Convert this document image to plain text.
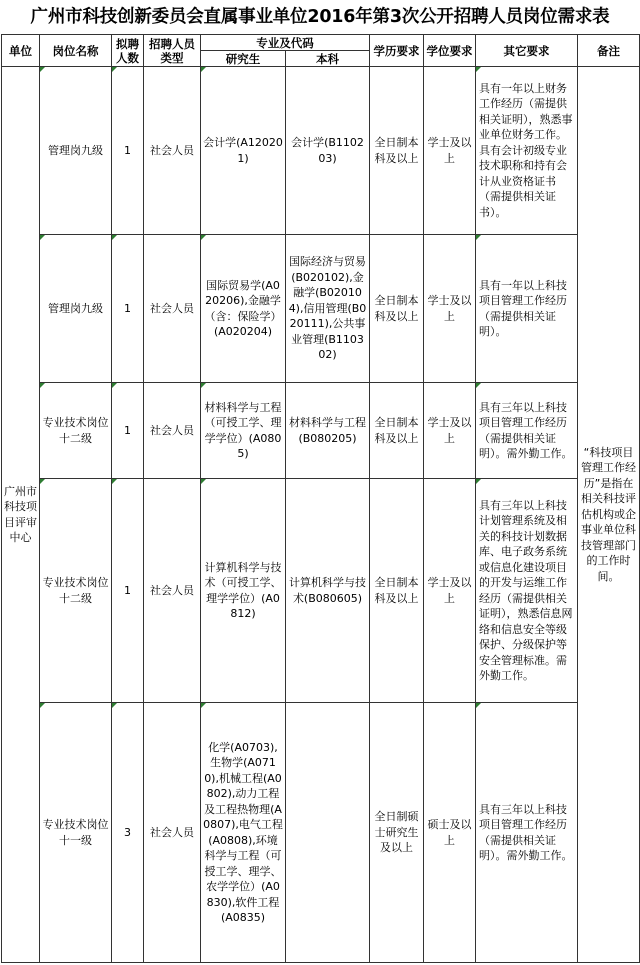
广州市科技创新委员会直属事业单位2016年第3次公开招聘人员岗位需求表
单位	岗位名称	拟聘人数	招聘人员类型	专业及代码		学历要求	学位要求	其它要求	备注
				研究生	本科				
广州市科技项目评审中心	管理岗九级	1	社会人员	会计学(A120201)	会计学(B110203)	全日制本科及以上	学士及以上	具有一年以上财务工作经历（需提供相关证明），熟悉事业单位财务工作。具有会计初级专业技术职称和持有会计从业资格证书（需提供相关证书）。	“科技项目管理工作经历”是指在相关科技评估机构或企事业单位科技管理部门的工作时间。
	管理岗九级	1	社会人员	国际贸易学(A020206),金融学（含：保险学）(A020204)	国际经济与贸易(B020102),金融学(B020104),信用管理(B020111),公共事业管理(B110302)	全日制本科及以上	学士及以上	具有一年以上科技项目管理工作经历（需提供相关证明）。	
	专业技术岗位十二级	1	社会人员	材料科学与工程（可授工学、理学学位）(A0805)	材料科学与工程(B080205)	全日制本科及以上	学士及以上	具有三年以上科技项目管理工作经历（需提供相关证明）。需外勤工作。	
	专业技术岗位十二级	1	社会人员	计算机科学与技术（可授工学、理学学位）(A0812)	计算机科学与技术(B080605)	全日制本科及以上	学士及以上	具有三年以上科技计划管理系统及相关的科技计划数据库、电子政务系统或信息化建设项目的开发与运维工作经历（需提供相关证明），熟悉信息网络和信息安全等级保护、分级保护等安全管理标准。需外勤工作。	
	专业技术岗位十一级	3	社会人员	化学(A0703),生物学(A0710),机械工程(A0802),动力工程及工程热物理(A0807),电气工程(A0808),环境科学与工程（可授工学、理学、农学学位）(A0830),软件工程(A0835)		全日制硕士研究生及以上	硕士及以上	具有三年以上科技项目管理工作经历（需提供相关证明）。需外勤工作。	
